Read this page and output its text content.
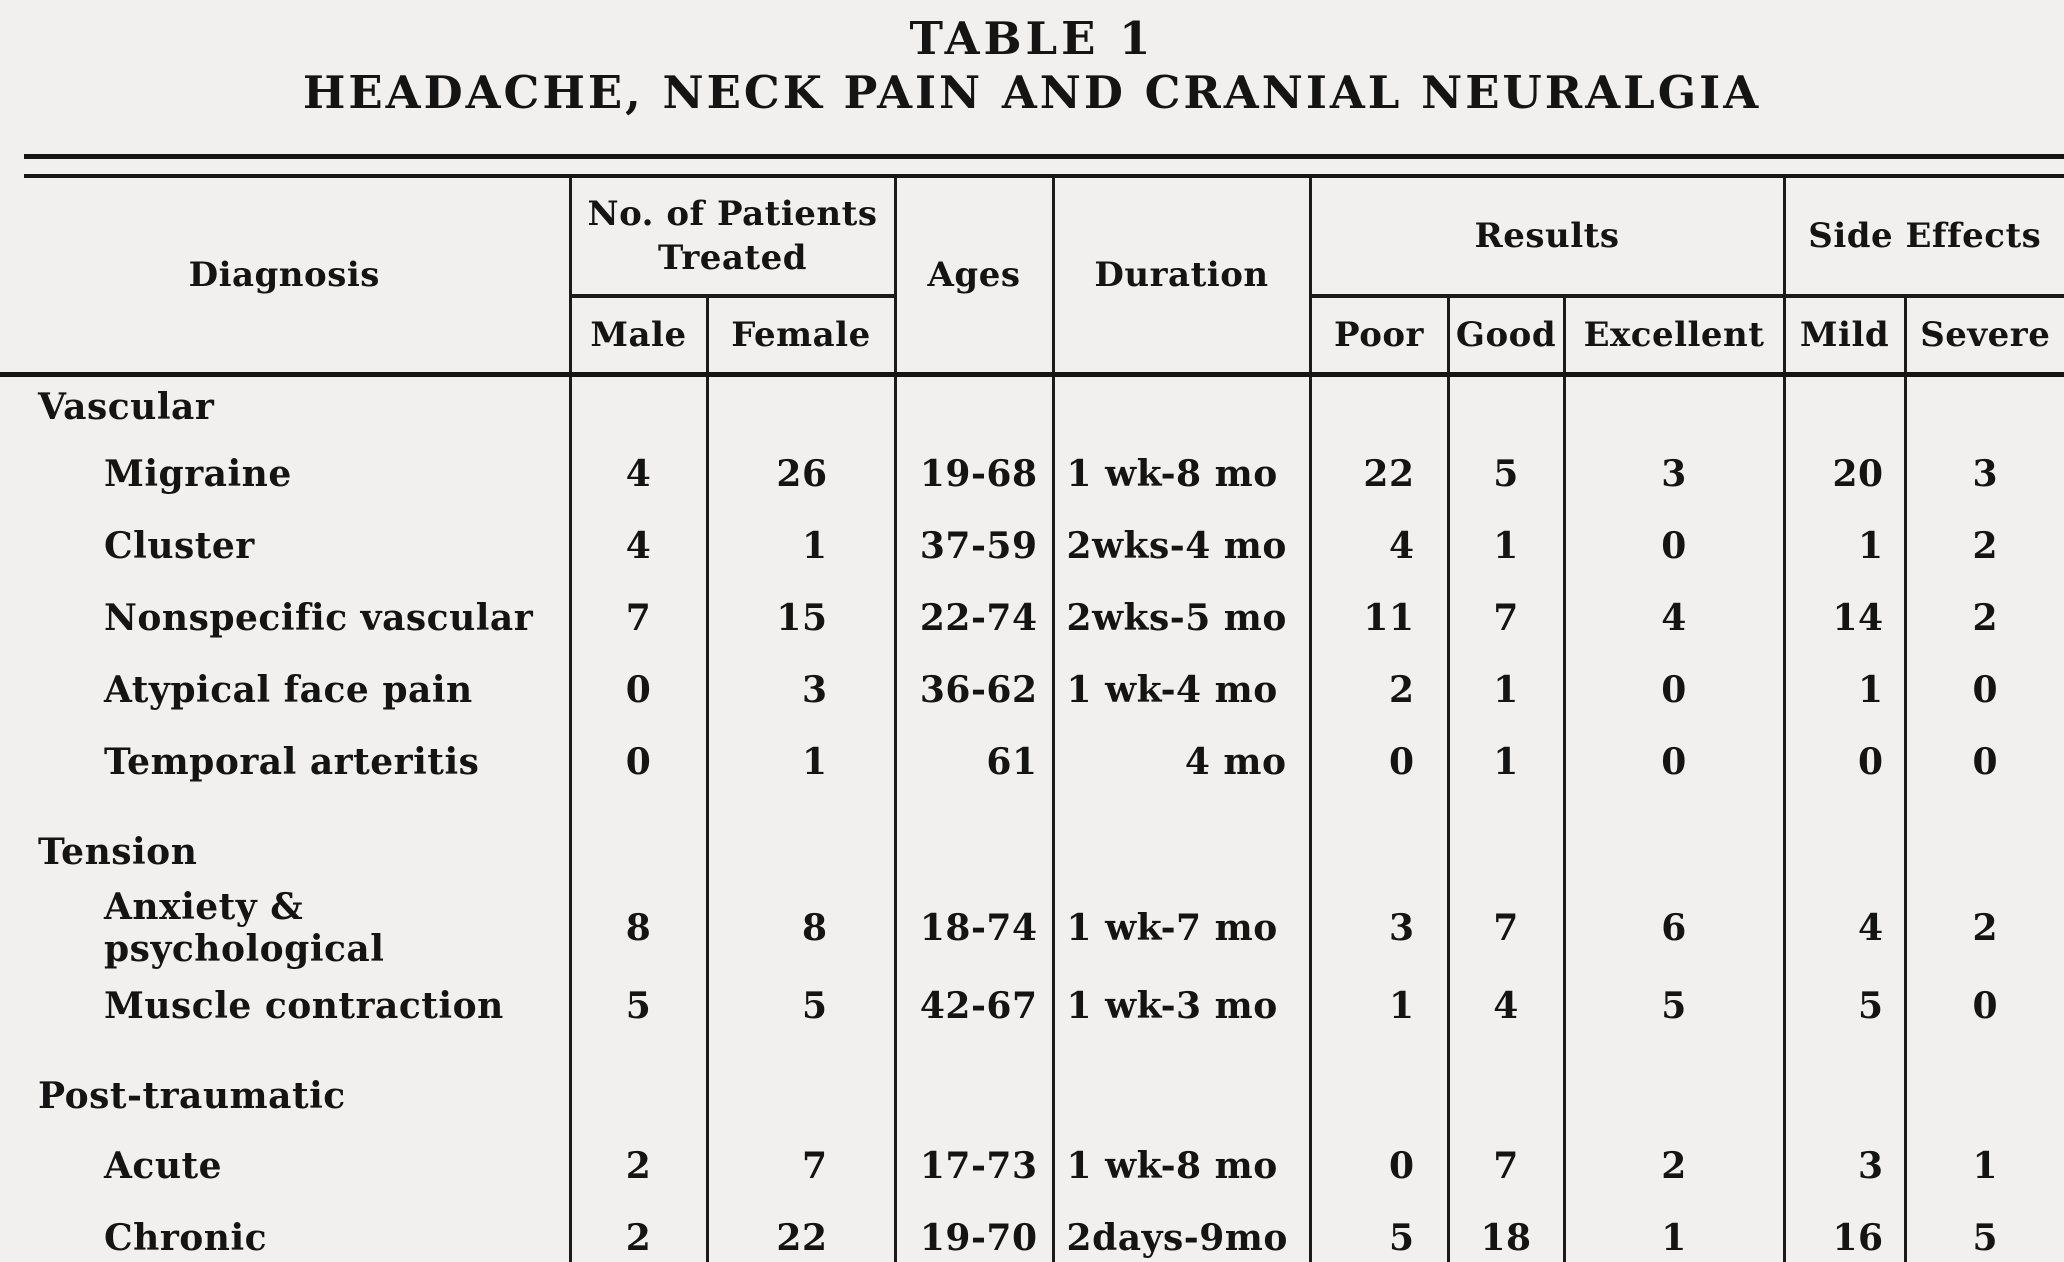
TABLE 1
HEADACHE, NECK PAIN AND CRANIAL NEURALGIA
Diagnosis	No. of Patients Treated		Ages	Duration	Results			Side Effects	
	Male	Female			Poor	Good	Excellent	Mild	Severe
Vascular									
Migraine	4	26	19-68	1 wk-8 mo	22	5	3	20	3
Cluster	4	1	37-59	2wks-4 mo	4	1	0	1	2
Nonspecific vascular	7	15	22-74	2wks-5 mo	11	7	4	14	2
Atypical face pain	0	3	36-62	1 wk-4 mo	2	1	0	1	0
Temporal arteritis	0	1	61	4 mo	0	1	0	0	0
Tension									
Anxiety & psychological	8	8	18-74	1 wk-7 mo	3	7	6	4	2
Muscle contraction	5	5	42-67	1 wk-3 mo	1	4	5	5	0
Post-traumatic									
Acute	2	7	17-73	1 wk-8 mo	0	7	2	3	1
Chronic	2	22	19-70	2days-9mo	5	18	1	16	5
